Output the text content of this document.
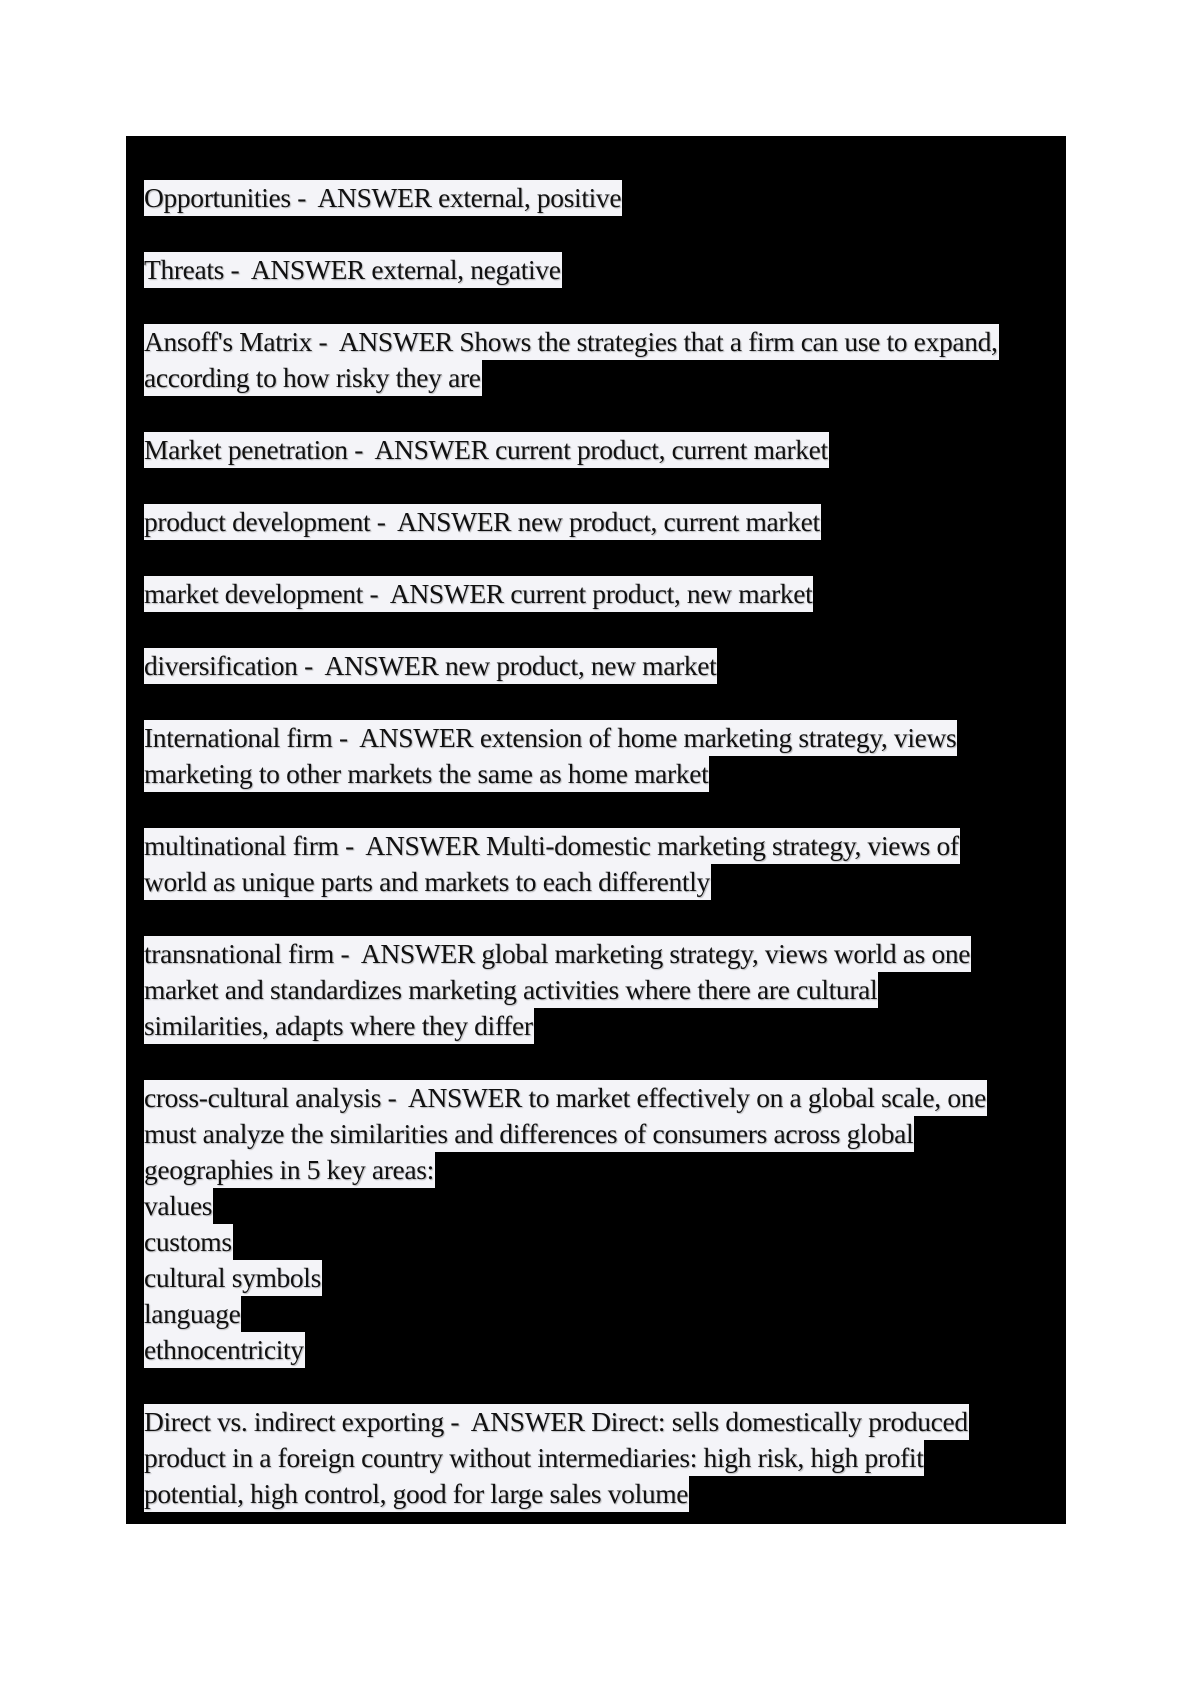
Opportunities -  ANSWER external, positive
Threats -  ANSWER external, negative
Ansoff's Matrix -  ANSWER Shows the strategies that a firm can use to expand,
according to how risky they are
Market penetration -  ANSWER current product, current market
product development -  ANSWER new product, current market
market development -  ANSWER current product, new market
diversification -  ANSWER new product, new market
International firm -  ANSWER extension of home marketing strategy, views
marketing to other markets the same as home market
multinational firm -  ANSWER Multi-domestic marketing strategy, views of
world as unique parts and markets to each differently
transnational firm -  ANSWER global marketing strategy, views world as one
market and standardizes marketing activities where there are cultural
similarities, adapts where they differ
cross-cultural analysis -  ANSWER to market effectively on a global scale, one
must analyze the similarities and differences of consumers across global
geographies in 5 key areas:
values
customs
cultural symbols
language
ethnocentricity
Direct vs. indirect exporting -  ANSWER Direct: sells domestically produced
product in a foreign country without intermediaries: high risk, high profit
potential, high control, good for large sales volume
